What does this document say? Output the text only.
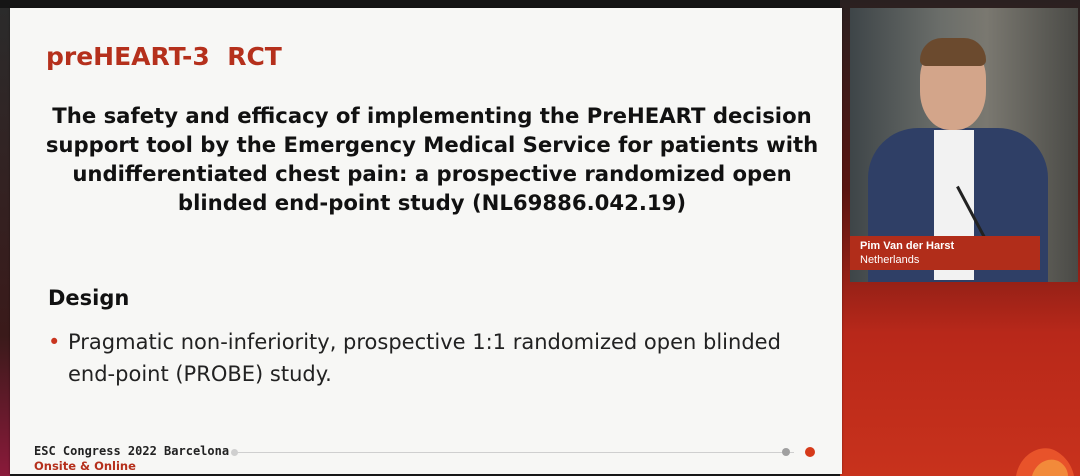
preHEART-3  RCT
The safety and efficacy of implementing the PreHEART decision support tool by the Emergency Medical Service for patients with undifferentiated chest pain: a prospective randomized open blinded end-point study (NL69886.042.19)
Design
• Pragmatic non-inferiority, prospective 1:1 randomized open blinded end-point (PROBE) study.
ESC Congress 2022 Barcelona
Onsite & Online
Pim Van der Harst
Netherlands
